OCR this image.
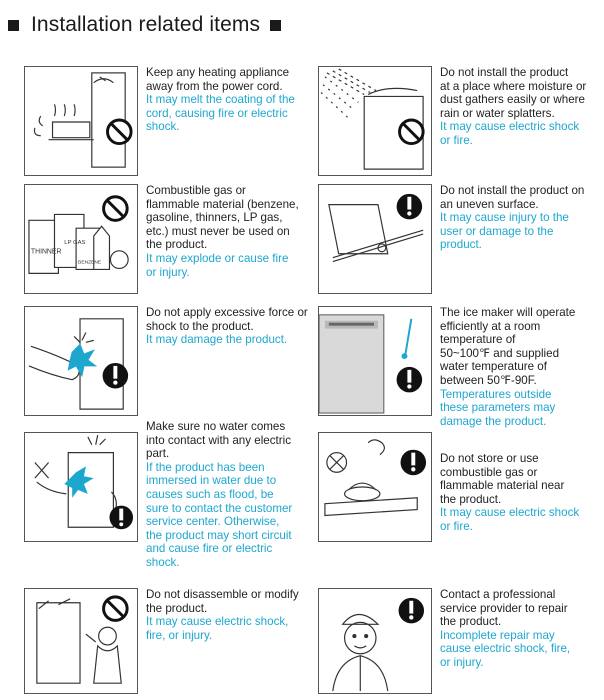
Installation related items
Keep any heating appliance
away from the power cord.
It may melt the coating of the
cord, causing fire or electric
shock.
Do not install the product
at a place where moisture or
dust gathers easily or where
rain or water splatters.
It may cause electric shock
or fire.
THINNER
LP GAS
BENZENE
Combustible gas or
flammable material (benzene,
gasoline, thinners, LP gas,
etc.) must never be used on
the product.
It may explode or cause fire
or injury.
Do not install the product on
an uneven surface.
It may cause injury to the
user or damage to the
product.
Do not apply excessive force or
shock to the product.
It may damage the product.
The ice maker will operate
efficiently at a room
temperature of
50~100℉ and supplied
water temperature of
between 50℉-90F.
Temperatures outside
these parameters may
damage the product.
Make sure no water comes
into contact with any electric
part.
If the product has been
immersed in water due to
causes such as flood, be
sure to contact the customer
service center. Otherwise,
the product may short circuit
and cause fire or electric
shock.
Do not store or use
combustible gas or
flammable material near
the product.
It may cause electric shock
or fire.
Do not disassemble or modify
the product.
It may cause electric shock,
fire, or injury.
Contact a professional
service provider to repair
the product.
Incomplete repair may
cause electric shock, fire,
or injury.
